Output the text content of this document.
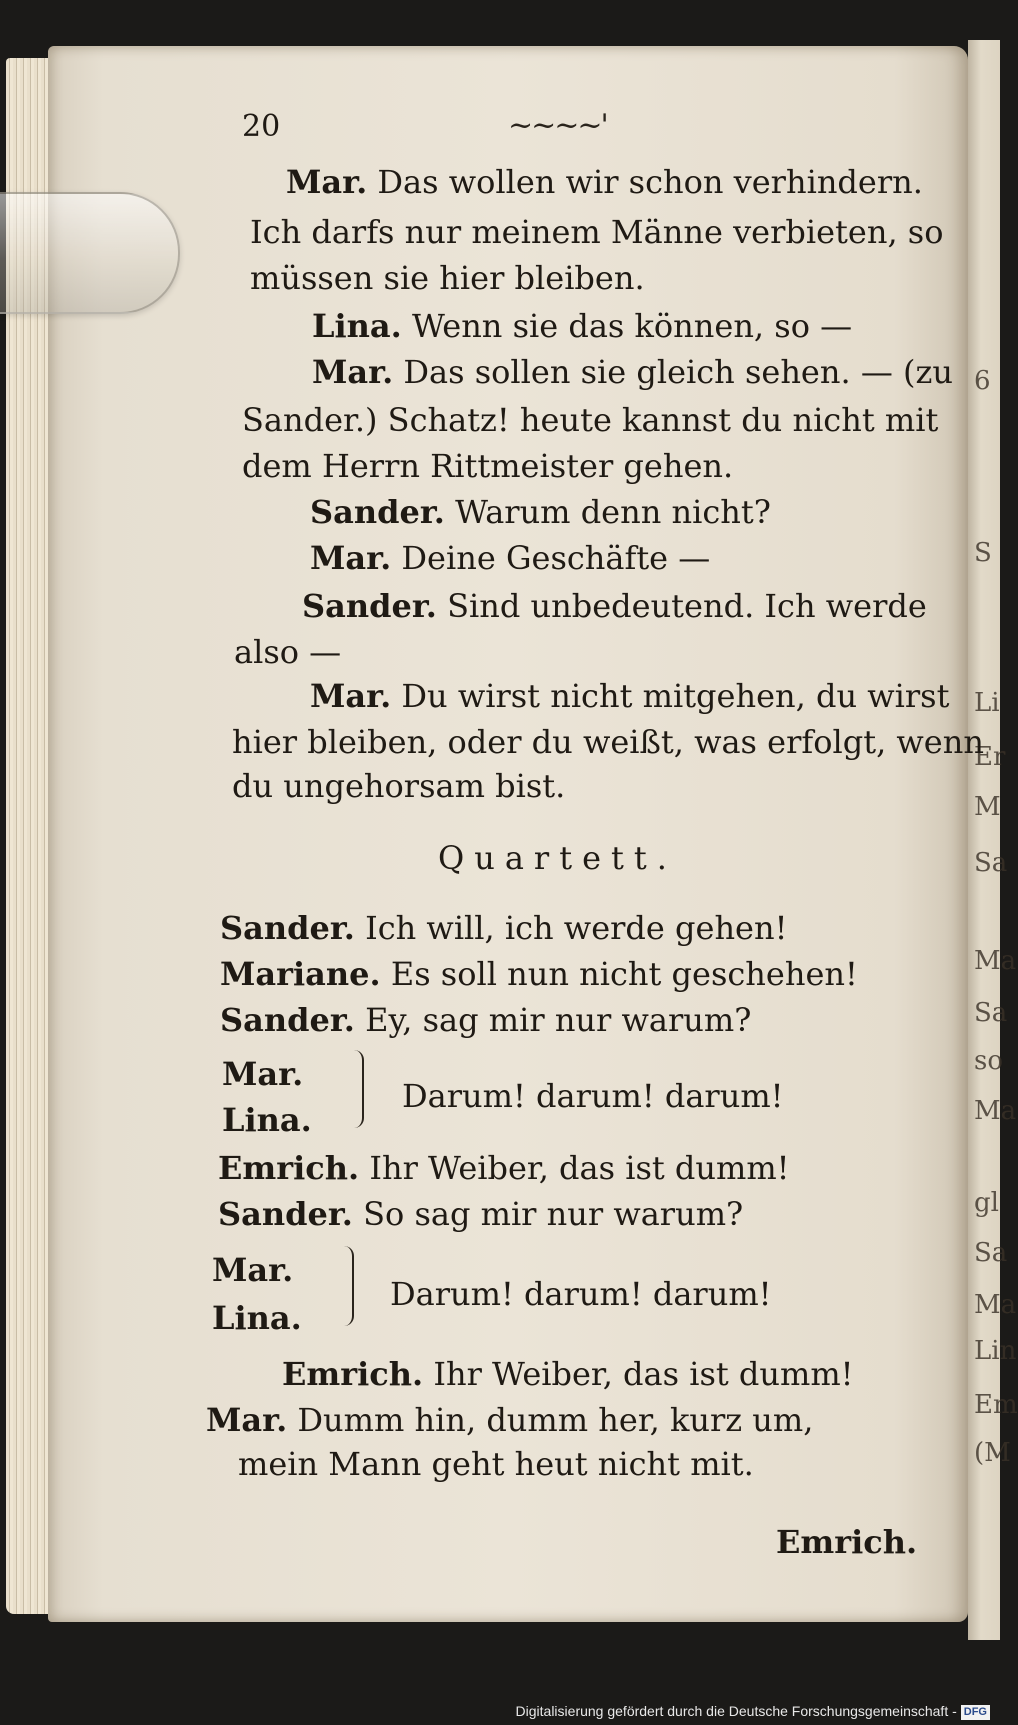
6
S
Li
Er
M
Sa
Ma
Sa
so
Ma
gl
Sa
Ma
Lin
Em
(M
20	~~~~'
Mar. Das wollen wir schon verhindern.
Ich darfs nur meinem Männe verbieten, so
müssen sie hier bleiben.
Lina. Wenn sie das können, so —
Mar. Das sollen sie gleich sehen. — (zu
Sander.) Schatz! heute kannst du nicht mit
dem Herrn Rittmeister gehen.
Sander. Warum denn nicht?
Mar. Deine Geschäfte —
Sander. Sind unbedeutend. Ich werde
also —
Mar. Du wirst nicht mitgehen, du wirst
hier bleiben, oder du weißt, was erfolgt, wenn
du ungehorsam bist.
Quartett.
Sander. Ich will, ich werde gehen!
Mariane. Es soll nun nicht geschehen!
Sander. Ey, sag mir nur warum?
Mar.
Lina.
Darum! darum! darum!
Emrich. Ihr Weiber, das ist dumm!
Sander. So sag mir nur warum?
Mar.
Lina.
Darum! darum! darum!
Emrich. Ihr Weiber, das ist dumm!
Mar. Dumm hin, dumm her, kurz um,
mein Mann geht heut nicht mit.
Emrich.
Digitalisierung gefördert durch die Deutsche Forschungsgemeinschaft - DFG
